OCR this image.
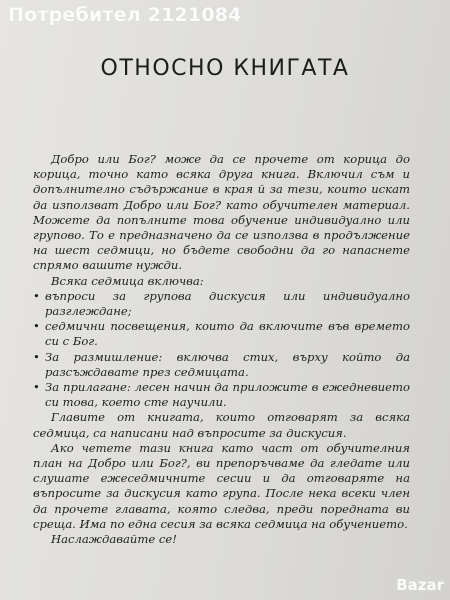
Потребител 2121084
ОТНОСНО КНИГАТА

Добро или Бог? може да се прочете от корица до корица, точно като всяка друга книга. Включил съм и допълнително съдържание в края й за тези, които искат да използват Добро или Бог? като обучителен материал. Можете да попълните това обучение индивидуално или групово. То е предназначено да се използва в продължение на шест седмици, но бъдете свободни да го напаснете спрямо вашите нужди.

Всяка седмица включва:

• въпроси за групова дискусия или индивидуално разглеждане;
• седмични посвещения, които да включите във времето си с Бог.
• За размишление: включва стих, върху който да разсъждавате през седмицата.
• За прилагане: лесен начин да приложите в ежедневието си това, което сте научили.

Главите от книгата, които отговарят за всяка седмица, са написани над въпросите за дискусия.

Ако четете тази книга като част от обучителния план на Добро или Бог?, ви препоръчваме да гледате или слушате ежеседмичните сесии и да отговаряте на въпросите за дискусия като група. После нека всеки член да прочете главата, която следва, преди поредната ви среща. Има по една сесия за всяка седмица на обучението.

Наслаждавайте се!

Bazar
